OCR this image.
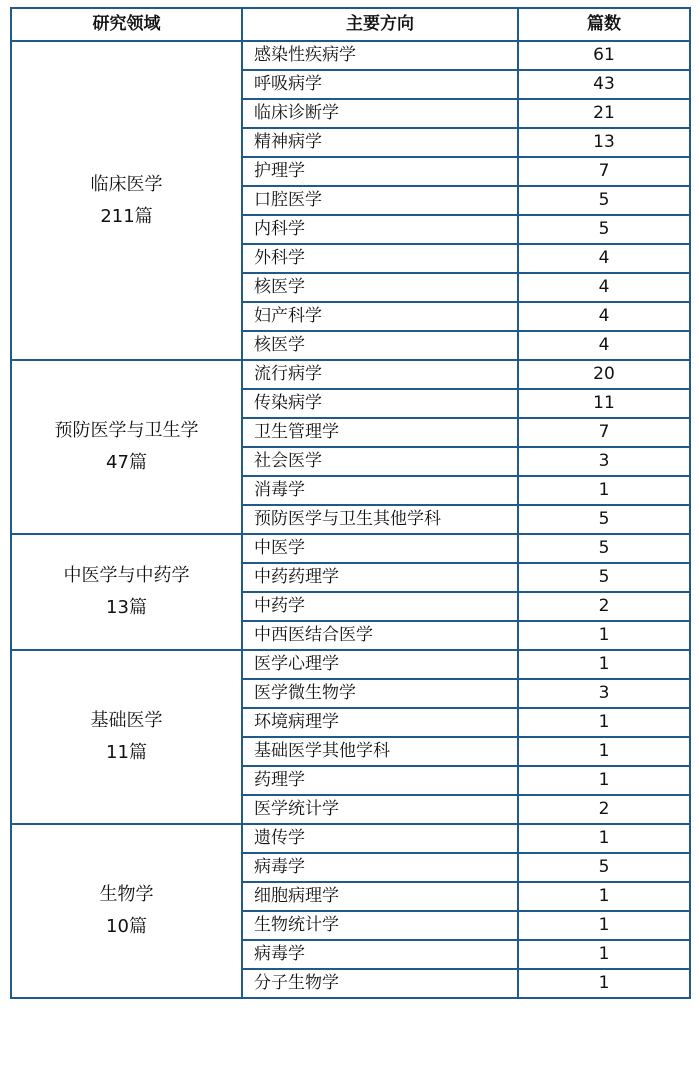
研究领域	主要方向	篇数

临床医学
211篇	感染性疾病学	61
	呼吸病学	43
	临床诊断学	21
	精神病学	13
	护理学	7
	口腔医学	5
	内科学	5
	外科学	4
	核医学	4
	妇产科学	4
	核医学	4

预防医学与卫生学
47篇	流行病学	20
	传染病学	11
	卫生管理学	7
	社会医学	3
	消毒学	1
	预防医学与卫生其他学科	5

中医学与中药学
13篇	中医学	5
	中药药理学	5
	中药学	2
	中西医结合医学	1

基础医学
11篇	医学心理学	1
	医学微生物学	3
	环境病理学	1
	基础医学其他学科	1
	药理学	1
	医学统计学	2

生物学
10篇	遗传学	1
	病毒学	5
	细胞病理学	1
	生物统计学	1
	病毒学	1
	分子生物学	1
